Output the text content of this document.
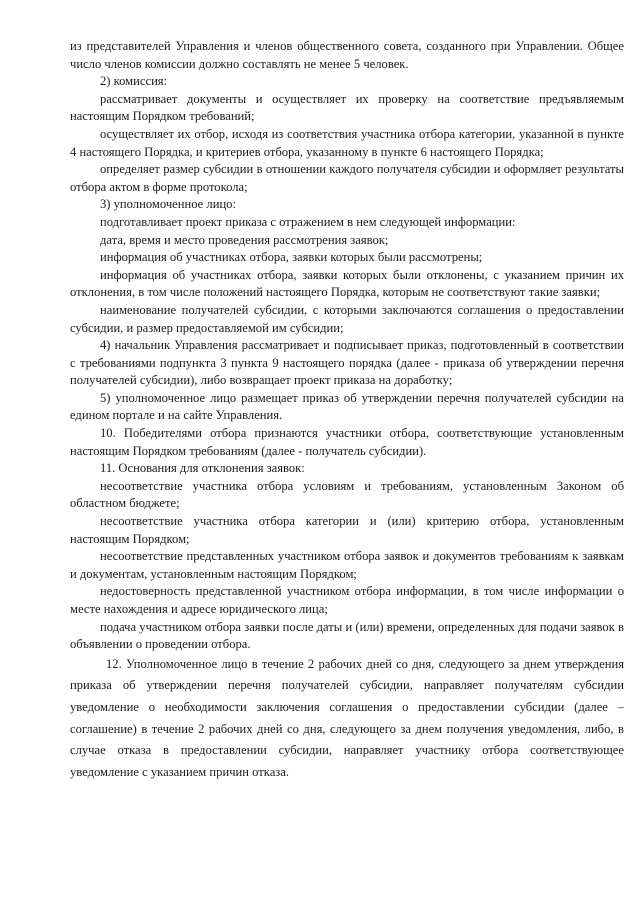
из представителей Управления и членов общественного совета, созданного при Управлении. Общее число членов комиссии должно составлять не менее 5 человек.

2) комиссия:

рассматривает документы и осуществляет их проверку на соответствие предъявляемым настоящим Порядком требований;

осуществляет их отбор, исходя из соответствия участника отбора категории, указанной в пункте 4 настоящего Порядка, и критериев отбора, указанному в пункте 6 настоящего Порядка;

определяет размер субсидии в отношении каждого получателя субсидии и оформляет результаты отбора актом в форме протокола;

3) уполномоченное лицо:

подготавливает проект приказа с отражением в нем следующей информации:

дата, время и место проведения рассмотрения заявок;

информация об участниках отбора, заявки которых были рассмотрены;

информация об участниках отбора, заявки которых были отклонены, с указанием причин их отклонения, в том числе положений настоящего Порядка, которым не соответствуют такие заявки;

наименование получателей субсидии, с которыми заключаются соглашения о предоставлении субсидии, и размер предоставляемой им субсидии;

4) начальник Управления рассматривает и подписывает приказ, подготовленный в соответствии с требованиями подпункта 3 пункта 9 настоящего порядка (далее - приказа об утверждении перечня получателей субсидии), либо возвращает проект приказа на доработку;

5) уполномоченное лицо размещает приказ об утверждении перечня получателей субсидии на едином портале и на сайте Управления.

10. Победителями отбора признаются участники отбора, соответствующие установленным настоящим Порядком требованиям (далее - получатель субсидии).

11. Основания для отклонения заявок:

несоответствие участника отбора условиям и требованиям, установленным Законом об областном бюджете;

несоответствие участника отбора категории и (или) критерию отбора, установленным настоящим Порядком;

несоответствие представленных участником отбора заявок и документов требованиям к заявкам и документам, установленным настоящим Порядком;

недостоверность представленной участником отбора информации, в том числе информации о месте нахождения и адресе юридического лица;

подача участником отбора заявки после даты и (или) времени, определенных для подачи заявок в объявлении о проведении отбора.

12. Уполномоченное лицо в течение 2 рабочих дней со дня, следующего за днем утверждения приказа об утверждении перечня получателей субсидии, направляет получателям субсидии уведомление о необходимости заключения соглашения о предоставлении субсидии (далее – соглашение) в течение 2 рабочих дней со дня, следующего за днем получения уведомления, либо, в случае отказа в предоставлении субсидии, направляет участнику отбора соответствующее уведомление с указанием причин отказа.
